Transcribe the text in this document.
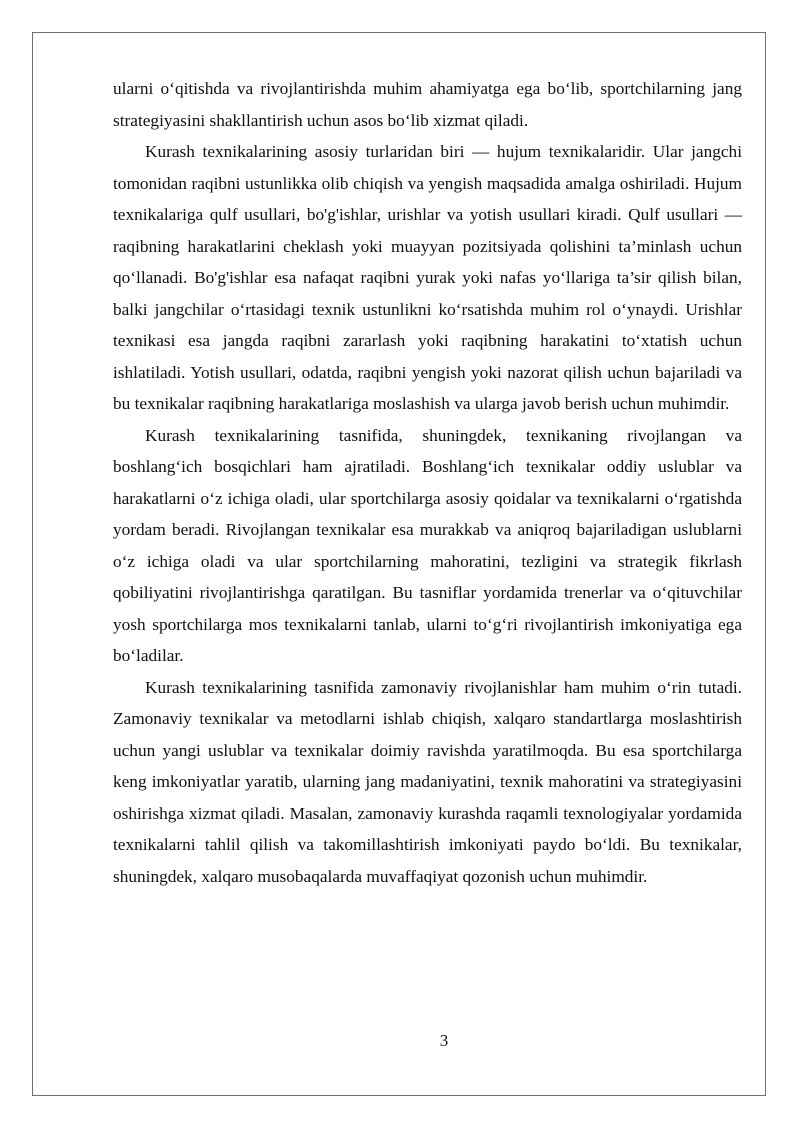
ularni o‘qitishda va rivojlantirishda muhim ahamiyatga ega bo‘lib, sportchilarning jang strategiyasini shakllantirish uchun asos bo‘lib xizmat qiladi.

Kurash texnikalarining asosiy turlaridan biri — hujum texnikalaridir. Ular jangchi tomonidan raqibni ustunlikka olib chiqish va yengish maqsadida amalga oshiriladi. Hujum texnikalariga qulf usullari, bo'g'ishlar, urishlar va yotish usullari kiradi. Qulf usullari — raqibning harakatlarini cheklash yoki muayyan pozitsiyada qolishini ta’minlash uchun qo‘llanadi. Bo'g'ishlar esa nafaqat raqibni yurak yoki nafas yo‘llariga ta’sir qilish bilan, balki jangchilar o‘rtasidagi texnik ustunlikni ko‘rsatishda muhim rol o‘ynaydi. Urishlar texnikasi esa jangda raqibni zararlash yoki raqibning harakatini to‘xtatish uchun ishlatiladi. Yotish usullari, odatda, raqibni yengish yoki nazorat qilish uchun bajariladi va bu texnikalar raqibning harakatlariga moslashish va ularga javob berish uchun muhimdir.

Kurash texnikalarining tasnifida, shuningdek, texnikaning rivojlangan va boshlang‘ich bosqichlari ham ajratiladi. Boshlang‘ich texnikalar oddiy uslublar va harakatlarni o‘z ichiga oladi, ular sportchilarga asosiy qoidalar va texnikalarni o‘rgatishda yordam beradi. Rivojlangan texnikalar esa murakkab va aniqroq bajariladigan uslublarni o‘z ichiga oladi va ular sportchilarning mahoratini, tezligini va strategik fikrlash qobiliyatini rivojlantirishga qaratilgan. Bu tasniflar yordamida trenerlar va o‘qituvchilar yosh sportchilarga mos texnikalarni tanlab, ularni to‘g‘ri rivojlantirish imkoniyatiga ega bo‘ladilar.

Kurash texnikalarining tasnifida zamonaviy rivojlanishlar ham muhim o‘rin tutadi. Zamonaviy texnikalar va metodlarni ishlab chiqish, xalqaro standartlarga moslashtirish uchun yangi uslublar va texnikalar doimiy ravishda yaratilmoqda. Bu esa sportchilarga keng imkoniyatlar yaratib, ularning jang madaniyatini, texnik mahoratini va strategiyasini oshirishga xizmat qiladi. Masalan, zamonaviy kurashda raqamli texnologiyalar yordamida texnikalarni tahlil qilish va takomillashtirish imkoniyati paydo bo‘ldi. Bu texnikalar, shuningdek, xalqaro musobaqalarda muvaffaqiyat qozonish uchun muhimdir.

3
